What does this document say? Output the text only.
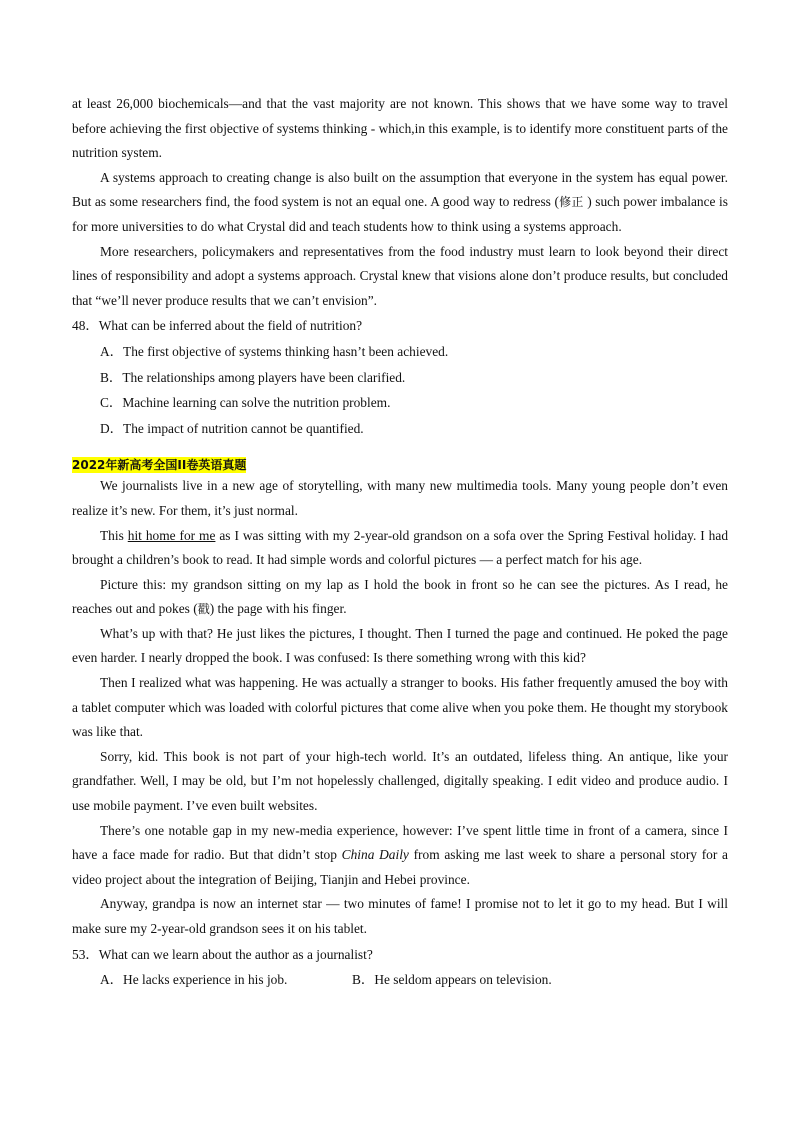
at least 26,000 biochemicals—and that the vast majority are not known. This shows that we have some way to travel before achieving the first objective of systems thinking - which,in this example, is to identify more constituent parts of the nutrition system.

A systems approach to creating change is also built on the assumption that everyone in the system has equal power. But as some researchers find, the food system is not an equal one. A good way to redress (修正 ) such power imbalance is for more universities to do what Crystal did and teach students how to think using a systems approach.

More researchers, policymakers and representatives from the food industry must learn to look beyond their direct lines of responsibility and adopt a systems approach. Crystal knew that visions alone don’t produce results, but concluded that “we’ll never produce results that we can’t envision”.

48．What can be inferred about the field of nutrition?
A．The first objective of systems thinking hasn’t been achieved.
B．The relationships among players have been clarified.
C．Machine learning can solve the nutrition problem.
D．The impact of nutrition cannot be quantified.
2022年新高考全国II卷英语真题

We journalists live in a new age of storytelling, with many new multimedia tools. Many young people don’t even realize it’s new. For them, it’s just normal.

This hit home for me as I was sitting with my 2-year-old grandson on a sofa over the Spring Festival holiday. I had brought a children’s book to read. It had simple words and colorful pictures — a perfect match for his age.

Picture this: my grandson sitting on my lap as I hold the book in front so he can see the pictures. As I read, he reaches out and pokes (戳) the page with his finger.

What’s up with that? He just likes the pictures, I thought. Then I turned the page and continued. He poked the page even harder. I nearly dropped the book. I was confused: Is there something wrong with this kid?

Then I realized what was happening. He was actually a stranger to books. His father frequently amused the boy with a tablet computer which was loaded with colorful pictures that come alive when you poke them. He thought my storybook was like that.

Sorry, kid. This book is not part of your high-tech world. It’s an outdated, lifeless thing. An antique, like your grandfather. Well, I may be old, but I’m not hopelessly challenged, digitally speaking. I edit video and produce audio. I use mobile payment. I’ve even built websites.

There’s one notable gap in my new-media experience, however: I’ve spent little time in front of a camera, since I have a face made for radio. But that didn’t stop China Daily from asking me last week to share a personal story for a video project about the integration of Beijing, Tianjin and Hebei province.

Anyway, grandpa is now an internet star — two minutes of fame! I promise not to let it go to my head. But I will make sure my 2-year-old grandson sees it on his tablet.

53．What can we learn about the author as a journalist?
A．He lacks experience in his job.	B．He seldom appears on television.
